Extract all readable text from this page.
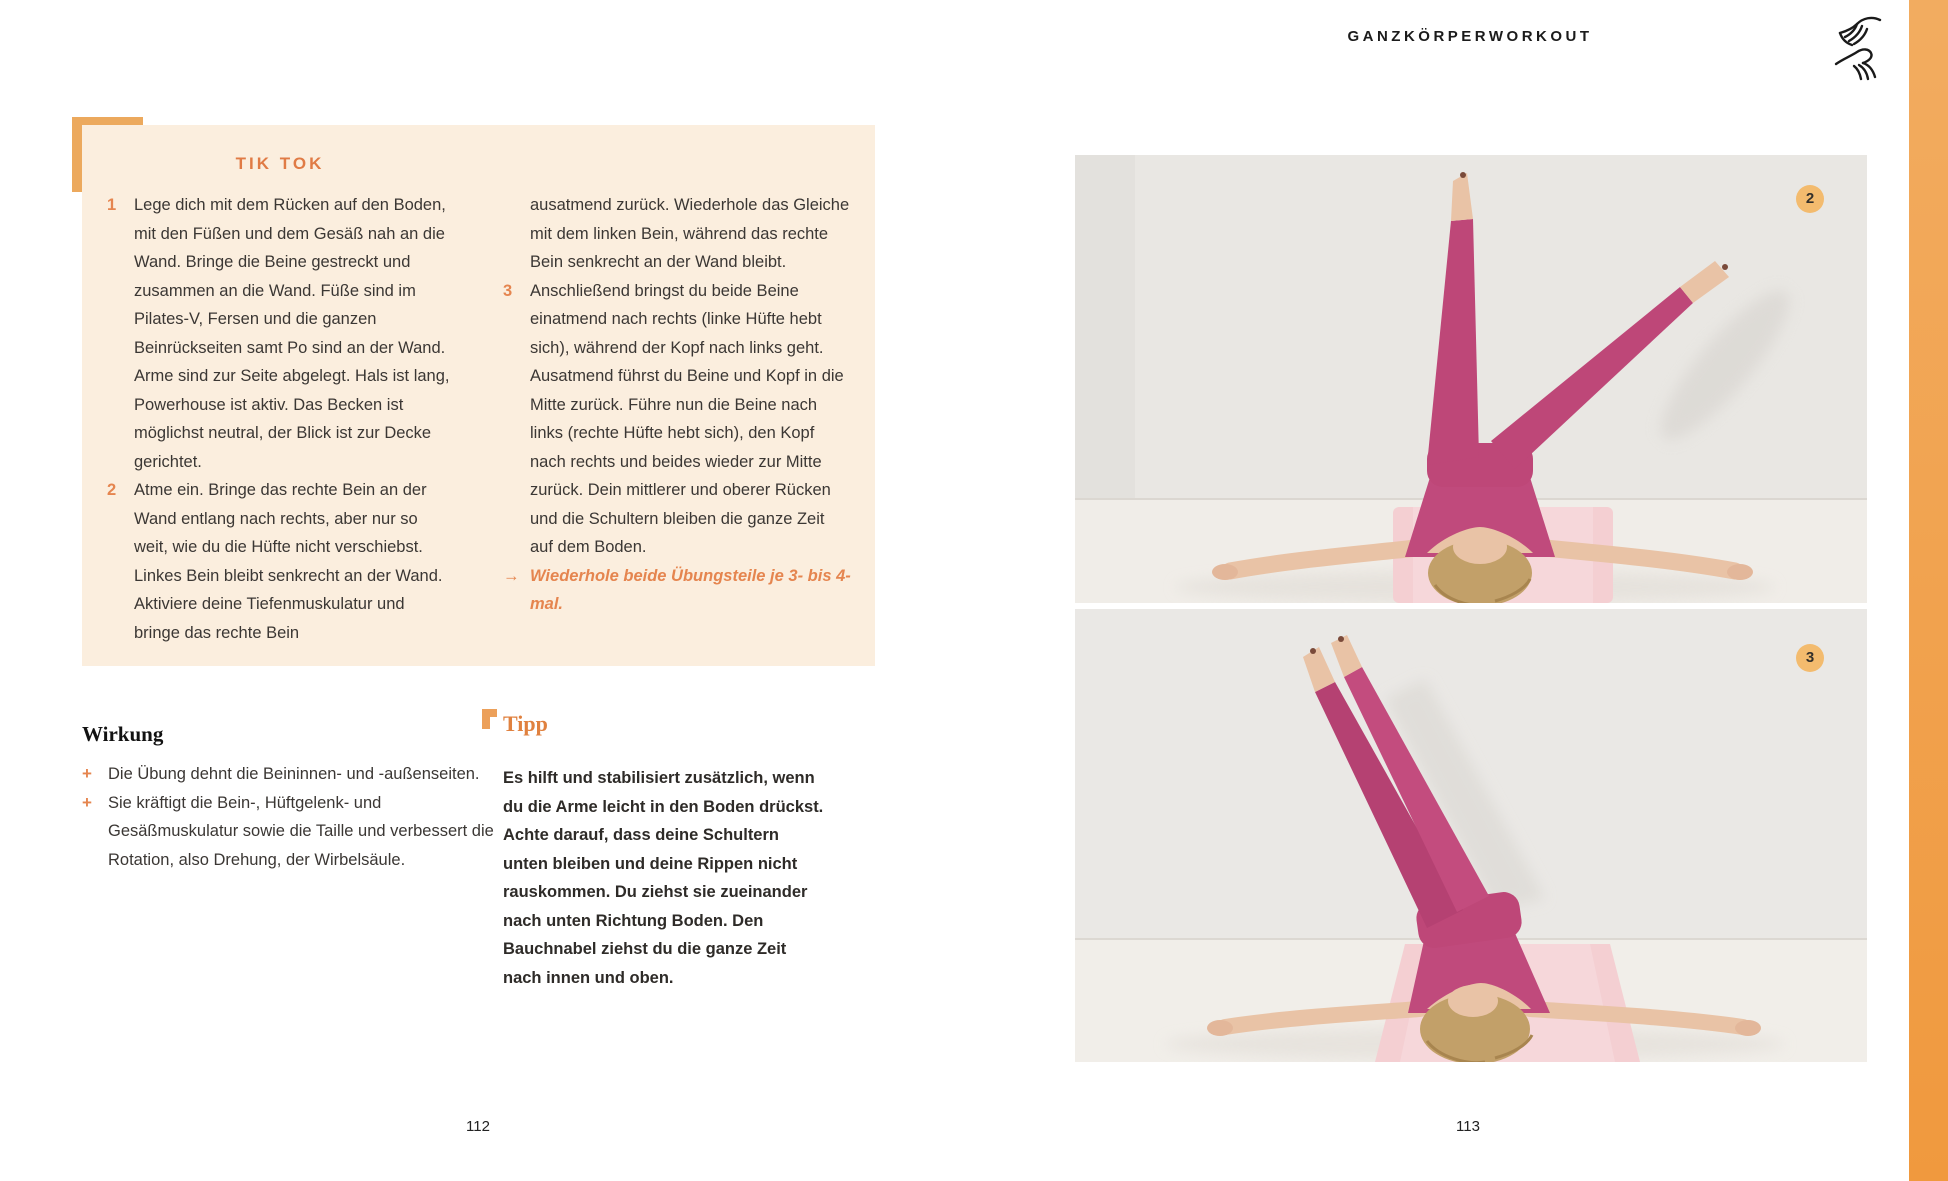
GANZKÖRPERWORKOUT
TIK TOK
1	Lege dich mit dem Rücken auf den Boden, mit den Füßen und dem Gesäß nah an die Wand. Bringe die Beine gestreckt und zusammen an die Wand. Füße sind im Pilates-V, Fersen und die ganzen Beinrückseiten samt Po sind an der Wand. Arme sind zur Seite abgelegt. Hals ist lang, Powerhouse ist aktiv. Das Becken ist möglichst neutral, der Blick ist zur Decke gerichtet.

2	Atme ein. Bringe das rechte Bein an der Wand entlang nach rechts, aber nur so weit, wie du die Hüfte nicht verschiebst. Linkes Bein bleibt senkrecht an der Wand. Aktiviere deine Tiefenmuskulatur und bringe das rechte Bein

ausatmend zurück. Wiederhole das Gleiche mit dem linken Bein, während das rechte Bein senkrecht an der Wand bleibt.

3	Anschließend bringst du beide Beine einatmend nach rechts (linke Hüfte hebt sich), während der Kopf nach links geht. Ausatmend führst du Beine und Kopf in die Mitte zurück. Führe nun die Beine nach links (rechte Hüfte hebt sich), den Kopf nach rechts und beides wieder zur Mitte zurück. Dein mittlerer und oberer Rücken und die Schultern bleiben die ganze Zeit auf dem Boden.

→ Wiederhole beide Übungsteile je 3- bis 4-mal.

Wirkung
+ Die Übung dehnt die Beininnen- und -außenseiten.

+ Sie kräftigt die Bein-, Hüftgelenk- und Gesäßmuskulatur sowie die Taille und verbessert die Rotation, also Drehung, der Wirbelsäule.

Tipp

Es hilft und stabilisiert zusätzlich, wenn du die Arme leicht in den Boden drückst. Achte darauf, dass deine Schultern unten bleiben und deine Rippen nicht rauskommen. Du ziehst sie zueinander nach unten Richtung Boden. Den Bauchnabel ziehst du die ganze Zeit nach innen und oben.

2
3
112	113
